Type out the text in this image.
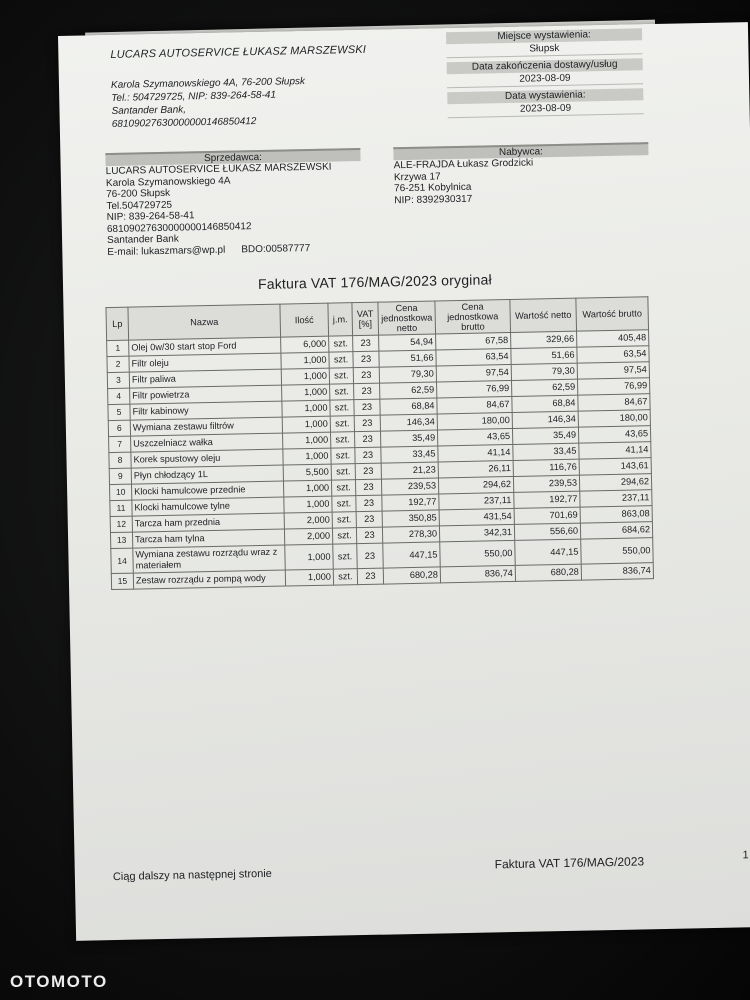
LUCARS AUTOSERVICE ŁUKASZ MARSZEWSKI
Karola Szymanowskiego 4A, 76-200 Słupsk
Tel.: 504729725, NIP: 839-264-58-41
Santander Bank,
68109027630000000146850412
Miejsce wystawienia:
Słupsk
Data zakończenia dostawy/usług
2023-08-09
Data wystawienia:
2023-08-09
Sprzedawca:
LUCARS AUTOSERVICE ŁUKASZ MARSZEWSKI
Karola Szymanowskiego 4A
76-200 Słupsk
Tel.504729725
NIP: 839-264-58-41
68109027630000000146850412
Santander Bank
E-mail: lukaszmars@wp.pl BDO:00587777
Nabywca:
ALE-FRAJDA Łukasz Grodzicki
Krzywa 17
76-251 Kobylnica
NIP: 8392930317
Faktura VAT 176/MAG/2023 oryginał
Lp	Nazwa	Ilość	j.m.	VAT [%]	Cena jednostkowa netto	Cena jednostkowa brutto	Wartość netto	Wartość brutto
1	Olej 0w/30 start stop Ford	6,000	szt.	23	54,94	67,58	329,66	405,48
2	Filtr oleju	1,000	szt.	23	51,66	63,54	51,66	63,54
3	Filtr paliwa	1,000	szt.	23	79,30	97,54	79,30	97,54
4	Filtr powietrza	1,000	szt.	23	62,59	76,99	62,59	76,99
5	Filtr kabinowy	1,000	szt.	23	68,84	84,67	68,84	84,67
6	Wymiana zestawu filtrów	1,000	szt.	23	146,34	180,00	146,34	180,00
7	Uszczelniacz wałka	1,000	szt.	23	35,49	43,65	35,49	43,65
8	Korek spustowy oleju	1,000	szt.	23	33,45	41,14	33,45	41,14
9	Płyn chłodzący 1L	5,500	szt.	23	21,23	26,11	116,76	143,61
10	Klocki hamulcowe przednie	1,000	szt.	23	239,53	294,62	239,53	294,62
11	Klocki hamulcowe tylne	1,000	szt.	23	192,77	237,11	192,77	237,11
12	Tarcza ham przednia	2,000	szt.	23	350,85	431,54	701,69	863,08
13	Tarcza ham tylna	2,000	szt.	23	278,30	342,31	556,60	684,62
14	Wymiana zestawu rozrządu wraz z materiałem	1,000	szt.	23	447,15	550,00	447,15	550,00
15	Zestaw rozrządu z pompą wody	1,000	szt.	23	680,28	836,74	680,28	836,74
Ciąg dalszy na następnej stronie
Faktura VAT 176/MAG/2023	1
OTOMOTO
